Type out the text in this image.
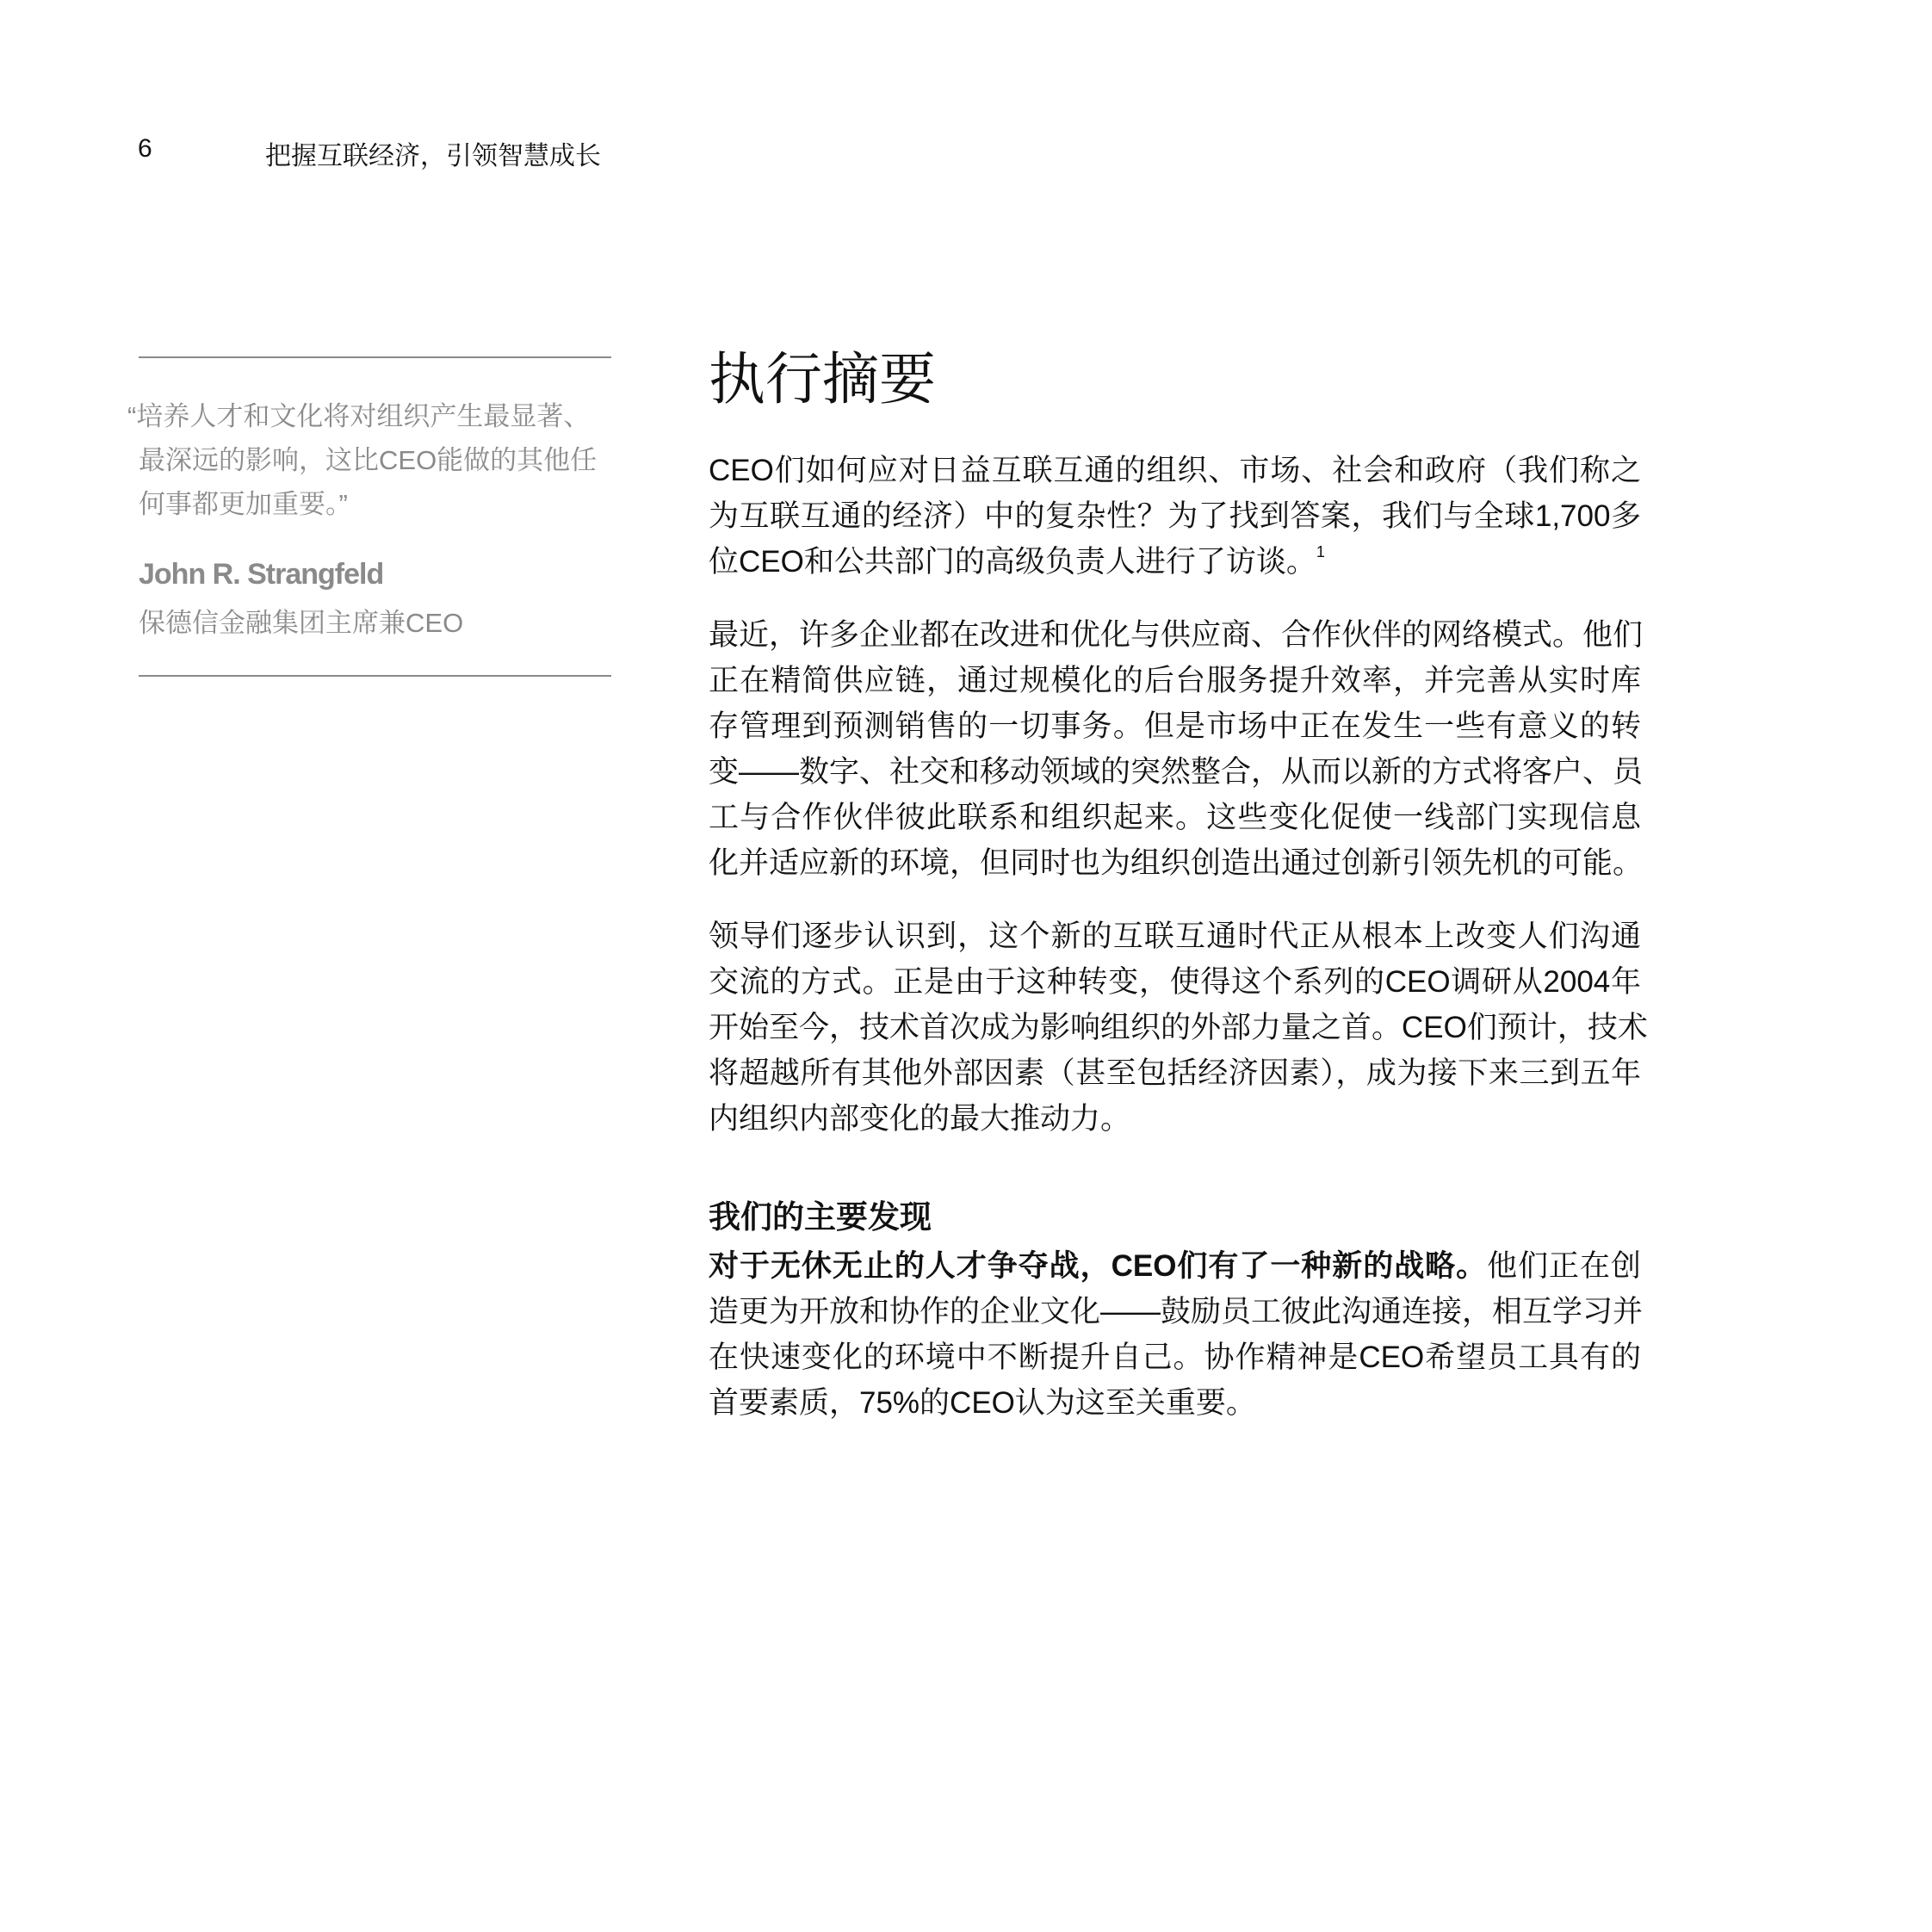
6	把握互联经济，引领智慧成长
“培养人才和文化将对组织产生最显著、
最深远的影响，这比CEO能做的其他任
何事都更加重要。”
John R. Strangfeld
保德信金融集团主席兼CEO
执行摘要
CEO们如何应对日益互联互通的组织、市场、社会和政府（我们称之
为互联互通的经济）中的复杂性？为了找到答案，我们与全球1,700多
位CEO和公共部门的高级负责人进行了访谈。$^1$
最近，许多企业都在改进和优化与供应商、合作伙伴的网络模式。他们
正在精简供应链，通过规模化的后台服务提升效率，并完善从实时库
存管理到预测销售的一切事务。但是市场中正在发生一些有意义的转
变——数字、社交和移动领域的突然整合，从而以新的方式将客户、员
工与合作伙伴彼此联系和组织起来。这些变化促使一线部门实现信息
化并适应新的环境，但同时也为组织创造出通过创新引领先机的可能。
领导们逐步认识到，这个新的互联互通时代正从根本上改变人们沟通
交流的方式。正是由于这种转变，使得这个系列的CEO调研从2004年
开始至今，技术首次成为影响组织的外部力量之首。CEO们预计，技术
将超越所有其他外部因素（甚至包括经济因素），成为接下来三到五年
内组织内部变化的最大推动力。
我们的主要发现
对于无休无止的人才争夺战，CEO们有了一种新的战略。他们正在创
造更为开放和协作的企业文化——鼓励员工彼此沟通连接，相互学习并
在快速变化的环境中不断提升自己。协作精神是CEO希望员工具有的
首要素质，75%的CEO认为这至关重要。
